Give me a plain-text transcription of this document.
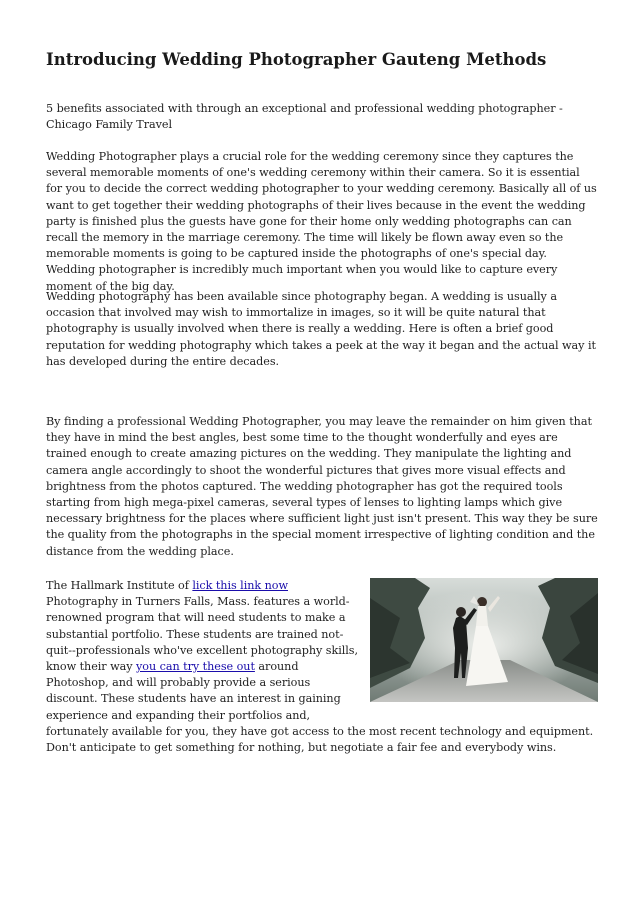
Introducing Wedding Photographer Gauteng Methods

5 benefits associated with through an exceptional and professional wedding photographer - Chicago Family Travel

Wedding Photographer plays a crucial role for the wedding ceremony since they captures the several memorable moments of one's wedding ceremony within their camera. So it is essential for you to decide the correct wedding photographer to your wedding ceremony. Basically all of us want to get together their wedding photographs of their lives because in the event the wedding party is finished plus the guests have gone for their home only wedding photographs can can recall the memory in the marriage ceremony. The time will likely be flown away even so the memorable moments is going to be captured inside the photographs of one's special day. Wedding photographer is incredibly much important when you would like to capture every moment of the big day.

Wedding photography has been available since photography began. A wedding is usually a occasion that involved may wish to immortalize in images, so it will be quite natural that photography is usually involved when there is really a wedding. Here is often a brief good reputation for wedding photography which takes a peek at the way it began and the actual way it has developed during the entire decades.

By finding a professional Wedding Photographer, you may leave the remainder on him given that they have in mind the best angles, best some time to the thought wonderfully and eyes are trained enough to create amazing pictures on the wedding. They manipulate the lighting and camera angle accordingly to shoot the wonderful pictures that gives more visual effects and brightness from the photos captured. The wedding photographer has got the required tools starting from high mega-pixel cameras, several types of lenses to lighting lamps which give necessary brightness for the places where sufficient light just isn't present. This way they be sure the quality from the photographs in the special moment irrespective of lighting condition and the distance from the wedding place.

The Hallmark Institute of lick this link now Photography in Turners Falls, Mass. features a world-renowned program that will need students to make a substantial portfolio. These students are trained not-quit--professionals who've excellent photography skills, know their way you can try these out around Photoshop, and will probably provide a serious discount. These students have an interest in gaining experience and expanding their portfolios and, fortunately available for you, they have got access to the most recent technology and equipment. Don't anticipate to get something for nothing, but negotiate a fair fee and everybody wins.
